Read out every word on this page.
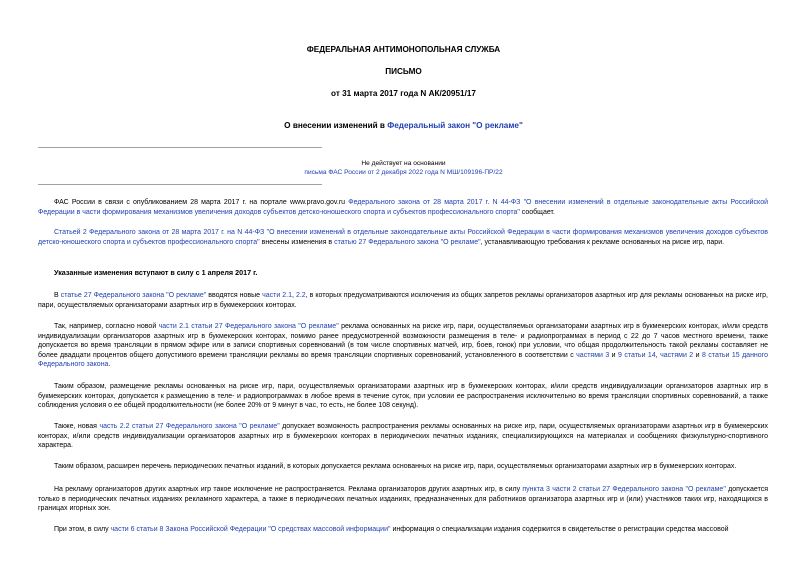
ФЕДЕРАЛЬНАЯ АНТИМОНОПОЛЬНАЯ СЛУЖБА
ПИСЬМО
от 31 марта 2017 года N АК/20951/17
О внесении изменений в Федеральный закон "О рекламе"
Не действует на основании
письма ФАС России от 2 декабря 2022 года N МШ/109196-ПР/22
ФАС России в связи с опубликованием 28 марта 2017 г. на портале www.pravo.gov.ru Федерального закона от 28 марта 2017 г. N 44-ФЗ "О внесении изменений в отдельные законодательные акты Российской Федерации в части формирования механизмов увеличения доходов субъектов детско-юношеского спорта и субъектов профессионального спорта" сообщает.
Статьей 2 Федерального закона от 28 марта 2017 г. на N 44-ФЗ "О внесении изменений в отдельные законодательные акты Российской Федерации в части формирования механизмов увеличения доходов субъектов детско-юношеского спорта и субъектов профессионального спорта" внесены изменения в статью 27 Федерального закона "О рекламе", устанавливающую требования к рекламе основанных на риске игр, пари.
Указанные изменения вступают в силу с 1 апреля 2017 г.
В статье 27 Федерального закона "О рекламе" вводятся новые части 2.1, 2.2, в которых предусматриваются исключения из общих запретов рекламы организаторов азартных игр для рекламы основанных на риске игр, пари, осуществляемых организаторами азартных игр в букмекерских конторах.
Так, например, согласно новой части 2.1 статьи 27 Федерального закона "О рекламе" реклама основанных на риске игр, пари, осуществляемых организаторами азартных игр в букмекерских конторах, и/или средств индивидуализации организаторов азартных игр в букмекерских конторах, помимо ранее предусмотренной возможности размещения в теле- и радиопрограммах в период с 22 до 7 часов местного времени, также допускается во время трансляции в прямом эфире или в записи спортивных соревнований (в том числе спортивных матчей, игр, боев, гонок) при условии, что общая продолжительность такой рекламы составляет не более двадцати процентов общего допустимого времени трансляции рекламы во время трансляции спортивных соревнований, установленного в соответствии с частями 3 и 9 статьи 14, частями 2 и 8 статьи 15 данного Федерального закона.
Таким образом, размещение рекламы основанных на риске игр, пари, осуществляемых организаторами азартных игр в букмекерских конторах, и/или средств индивидуализации организаторов азартных игр в букмекерских конторах, допускается к размещению в теле- и радиопрограммах в любое время в течение суток, при условии ее распространения исключительно во время трансляции спортивных соревнований, а также соблюдения условия о ее общей продолжительности (не более 20% от 9 минут в час, то есть, не более 108 секунд).
Также, новая часть 2.2 статьи 27 Федерального закона "О рекламе" допускает возможность распространения рекламы основанных на риске игр, пари, осуществляемых организаторами азартных игр в букмекерских конторах, и/или средств индивидуализации организаторов азартных игр в букмекерских конторах в периодических печатных изданиях, специализирующихся на материалах и сообщениях физкультурно-спортивного характера.
Таким образом, расширен перечень периодических печатных изданий, в которых допускается реклама основанных на риске игр, пари, осуществляемых организаторами азартных игр в букмекерских конторах.
На рекламу организаторов других азартных игр такое исключение не распространяется. Реклама организаторов других азартных игр, в силу пункта 3 части 2 статьи 27 Федерального закона "О рекламе" допускается только в периодических печатных изданиях рекламного характера, а также в периодических печатных изданиях, предназначенных для работников организатора азартных игр и (или) участников таких игр, находящихся в границах игорных зон.
При этом, в силу части 6 статьи 8 Закона Российской Федерации "О средствах массовой информации" информация о специализации издания содержится в свидетельстве о регистрации средства массовой
